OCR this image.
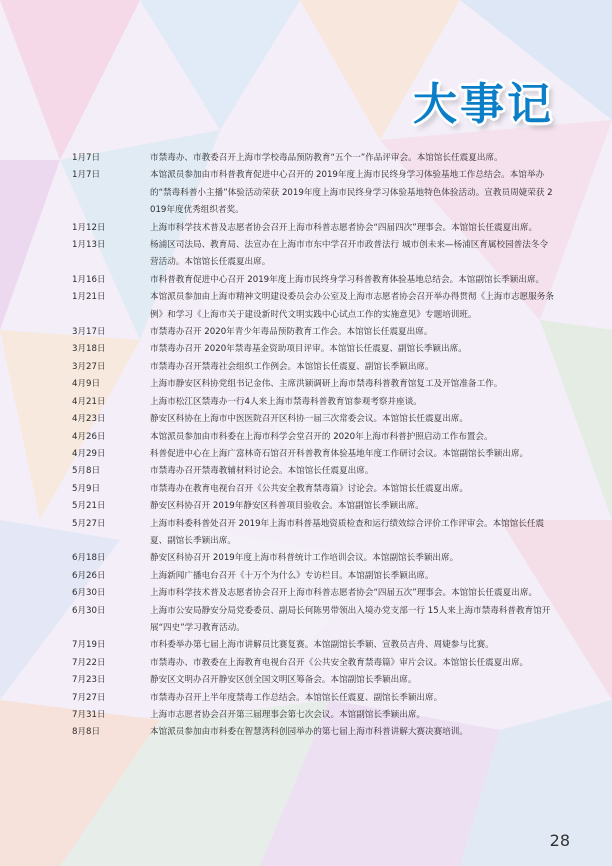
大事记
1月7日	市禁毒办、市教委召开上海市学校毒品预防教育“五个一”作品评审会。本馆馆长任震夏出席。
1月7日	本馆派员参加由市科普教育促进中心召开的 2019年度上海市民终身学习体验基地工作总结会。本馆举办的“禁毒科普小主播”体验活动荣获 2019年度上海市民终身学习体验基地特色体验活动。宣教员周婕荣获 2019年度优秀组织者奖。
1月12日	上海市科学技术普及志愿者协会召开上海市科普志愿者协会“四届四次”理事会。本馆馆长任震夏出席。
1月13日	杨浦区司法局、教育局、法宣办在上海市市东中学召开市政普法行 城市创未来—杨浦区育属校园普法冬令营活动。本馆馆长任震夏出席。
1月16日	市科普教育促进中心召开 2019年度上海市民终身学习科普教育体验基地总结会。本馆副馆长季颖出席。
1月21日	本馆派员参加由上海市精神文明建设委员会办公室及上海市志愿者协会召开举办得贯彻《上海市志愿服务条例》和学习《上海市关于建设新时代文明实践中心试点工作的实施意见》专题培训班。
3月17日	市禁毒办召开 2020年青少年毒品预防教育工作会。本馆馆长任震夏出席。
3月18日	市禁毒办召开 2020年禁毒基金资助项目评审。本馆馆长任震夏、副馆长季颖出席。
3月27日	市禁毒办召开禁毒社会组织工作例会。本馆馆长任震夏、副馆长季颖出席。
4月9日	上海市静安区科协党组书记金伟、主席洪颖调研上海市禁毒科普教育馆复工及开馆准备工作。
4月21日	上海市松江区禁毒办一行4人来上海市禁毒科普教育馆参观考察并座谈。
4月23日	静安区科协在上海市中医医院召开区科协一届三次常委会议。本馆馆长任震夏出席。
4月26日	本馆派员参加由市科委在上海市科学会堂召开的 2020年上海市科普护照启动工作布置会。
4月29日	科普促进中心在上海广富林奇石馆召开科普教育体验基地年度工作研讨会议。本馆副馆长季颖出席。
5月8日	市禁毒办召开禁毒教辅材料讨论会。本馆馆长任震夏出席。
5月9日	市禁毒办在教育电视台召开《公共安全教育禁毒篇》讨论会。本馆馆长任震夏出席。
5月21日	静安区科协召开 2019年静安区科普项目验收会。本馆副馆长季颖出席。
5月27日	上海市科委科普处召开 2019年上海市科普基地资质检查和运行绩效综合评价工作评审会。本馆馆长任震夏、副馆长季颖出席。
6月18日	静安区科协召开 2019年度上海市科普统计工作培训会议。本馆副馆长季颖出席。
6月26日	上海新闻广播电台召开《十万个为什么》专访栏目。本馆副馆长季颖出席。
6月30日	上海市科学技术普及志愿者协会召开上海市科普志愿者协会“四届五次”理事会。本馆馆长任震夏出席。
6月30日	上海市公安局静安分局党委委员、副局长何陈男带领出入境办党支部一行 15人来上海市禁毒科普教育馆开展“四史”学习教育活动。
7月19日	市科委举办第七届上海市讲解员比赛复赛。本馆副馆长季颖、宣教员吉舟、周婕参与比赛。
7月22日	市禁毒办、市教委在上海教育电视台召开《公共安全教育禁毒篇》审片会议。本馆馆长任震夏出席。
7月23日	静安区文明办召开静安区创全国文明区筹备会。本馆副馆长季颖出席。
7月27日	市禁毒办召开上半年度禁毒工作总结会。本馆馆长任震夏、副馆长季颖出席。
7月31日	上海市志愿者协会召开第三届理事会第七次会议。本馆副馆长季颖出席。
8月8日	本馆派员参加由市科委在智慧湾科创园举办的第七届上海市科普讲解大赛决赛培训。
28
